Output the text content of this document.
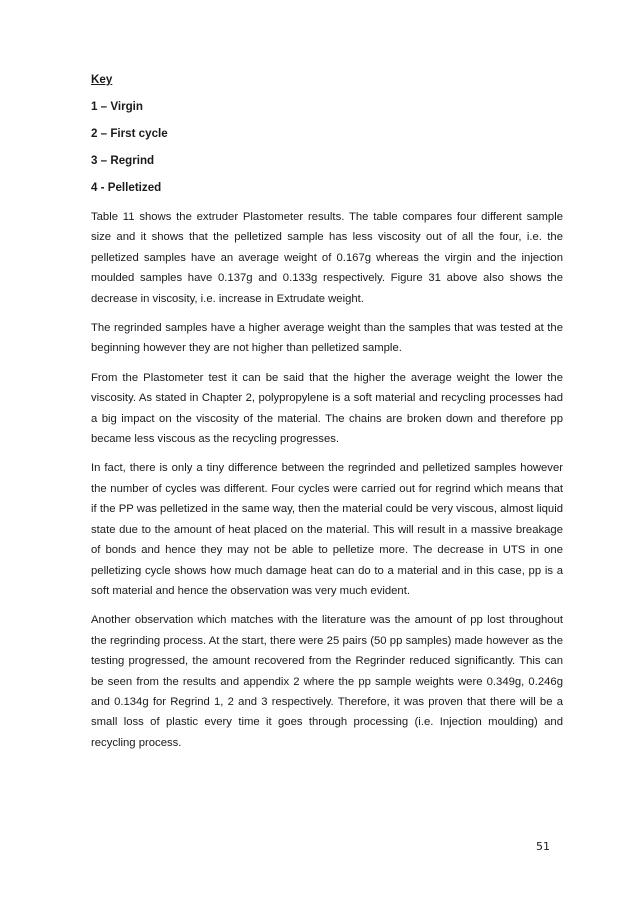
Key
1 – Virgin
2 – First cycle
3 – Regrind
4 - Pelletized

Table 11 shows the extruder Plastometer results. The table compares four different sample size and it shows that the pelletized sample has less viscosity out of all the four, i.e. the pelletized samples have an average weight of 0.167g whereas the virgin and the injection moulded samples have 0.137g and 0.133g respectively. Figure 31 above also shows the decrease in viscosity, i.e. increase in Extrudate weight.

The regrinded samples have a higher average weight than the samples that was tested at the beginning however they are not higher than pelletized sample.

From the Plastometer test it can be said that the higher the average weight the lower the viscosity. As stated in Chapter 2, polypropylene is a soft material and recycling processes had a big impact on the viscosity of the material. The chains are broken down and therefore pp became less viscous as the recycling progresses.

In fact, there is only a tiny difference between the regrinded and pelletized samples however the number of cycles was different. Four cycles were carried out for regrind which means that if the PP was pelletized in the same way, then the material could be very viscous, almost liquid state due to the amount of heat placed on the material. This will result in a massive breakage of bonds and hence they may not be able to pelletize more. The decrease in UTS in one pelletizing cycle shows how much damage heat can do to a material and in this case, pp is a soft material and hence the observation was very much evident.

Another observation which matches with the literature was the amount of pp lost throughout the regrinding process. At the start, there were 25 pairs (50 pp samples) made however as the testing progressed, the amount recovered from the Regrinder reduced significantly. This can be seen from the results and appendix 2 where the pp sample weights were 0.349g, 0.246g and 0.134g for Regrind 1, 2 and 3 respectively. Therefore, it was proven that there will be a small loss of plastic every time it goes through processing (i.e. Injection moulding) and recycling process.

51
